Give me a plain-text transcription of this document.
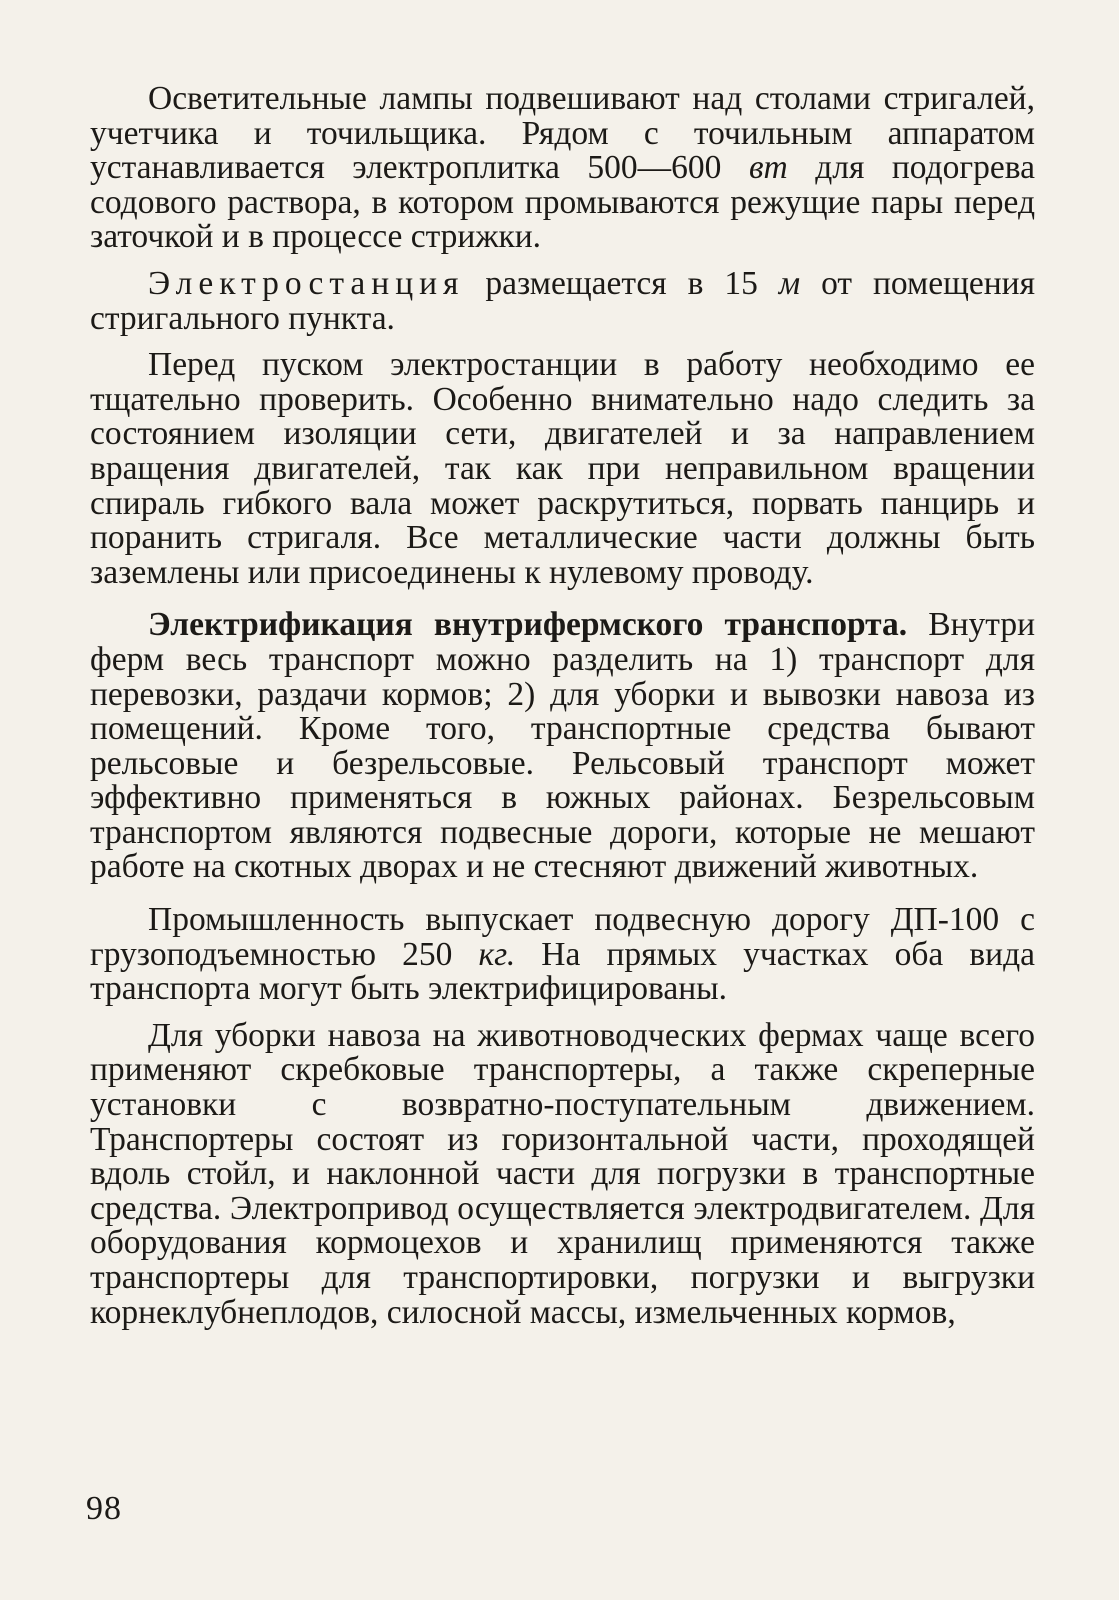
Осветительные лампы подвешивают над столами стригалей, учетчика и точильщика. Рядом с точильным аппаратом устанавливается электроплитка 500—600 вт для подогрева содового раствора, в котором промываются режущие пары перед заточкой и в процессе стрижки.

Электростанция размещается в 15 м от помещения стригального пункта.

Перед пуском электростанции в работу необходимо ее тщательно проверить. Особенно внимательно надо следить за состоянием изоляции сети, двигателей и за направлением вращения двигателей, так как при неправильном вращении спираль гибкого вала может раскрутиться, порвать панцирь и поранить стригаля. Все металлические части должны быть заземлены или присоединены к нулевому проводу.

Электрификация внутрифермского транспорта. Внутри ферм весь транспорт можно разделить на 1) транспорт для перевозки, раздачи кормов; 2) для уборки и вывозки навоза из помещений. Кроме того, транспортные средства бывают рельсовые и безрельсовые. Рельсовый транспорт может эффективно применяться в южных районах. Безрельсовым транспортом являются подвесные дороги, которые не мешают работе на скотных дворах и не стесняют движений животных.

Промышленность выпускает подвесную дорогу ДП-100 с грузоподъемностью 250 кг. На прямых участках оба вида транспорта могут быть электрифицированы.

Для уборки навоза на животноводческих фермах чаще всего применяют скребковые транспортеры, а также скреперные установки с возвратно-поступательным движением. Транспортеры состоят из горизонтальной части, проходящей вдоль стойл, и наклонной части для погрузки в транспортные средства. Электропривод осуществляется электродвигателем. Для оборудования кормоцехов и хранилищ применяются также транспортеры для транспортировки, погрузки и выгрузки корнеклубнеплодов, силосной массы, измельченных кормов,

98
